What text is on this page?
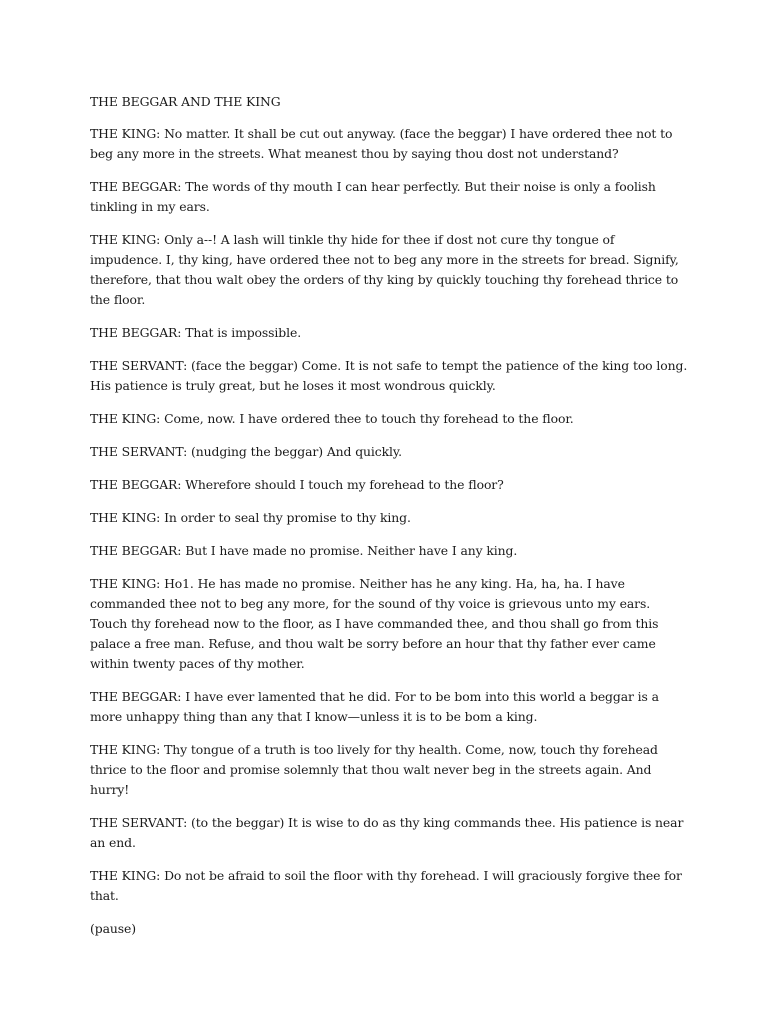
THE BEGGAR AND THE KING

THE KING: No matter. It shall be cut out anyway. (face the beggar) I have ordered thee not to beg any more in the streets. What meanest thou by saying thou dost not understand?

THE BEGGAR: The words of thy mouth I can hear perfectly. But their noise is only a foolish tinkling in my ears.

THE KING: Only a--! A lash will tinkle thy hide for thee if dost not cure thy tongue of impudence. I, thy king, have ordered thee not to beg any more in the streets for bread. Signify, therefore, that thou walt obey the orders of thy king by quickly touching thy forehead thrice to the floor.

THE BEGGAR: That is impossible.

THE SERVANT: (face the beggar) Come. It is not safe to tempt the patience of the king too long. His patience is truly great, but he loses it most wondrous quickly.

THE KING: Come, now. I have ordered thee to touch thy forehead to the floor.

THE SERVANT: (nudging the beggar) And quickly.

THE BEGGAR: Wherefore should I touch my forehead to the floor?

THE KING: In order to seal thy promise to thy king.

THE BEGGAR: But I have made no promise. Neither have I any king.

THE KING: Ho1. He has made no promise. Neither has he any king. Ha, ha, ha. I have commanded thee not to beg any more, for the sound of thy voice is grievous unto my ears. Touch thy forehead now to the floor, as I have commanded thee, and thou shall go from this palace a free man. Refuse, and thou walt be sorry before an hour that thy father ever came within twenty paces of thy mother.

THE BEGGAR: I have ever lamented that he did. For to be bom into this world a beggar is a more unhappy thing than any that I know—unless it is to be bom a king.

THE KING: Thy tongue of a truth is too lively for thy health. Come, now, touch thy forehead thrice to the floor and promise solemnly that thou walt never beg in the streets again. And hurry!

THE SERVANT: (to the beggar) It is wise to do as thy king commands thee. His patience is near an end.

THE KING: Do not be afraid to soil the floor with thy forehead. I will graciously forgive thee for that.

(pause)
